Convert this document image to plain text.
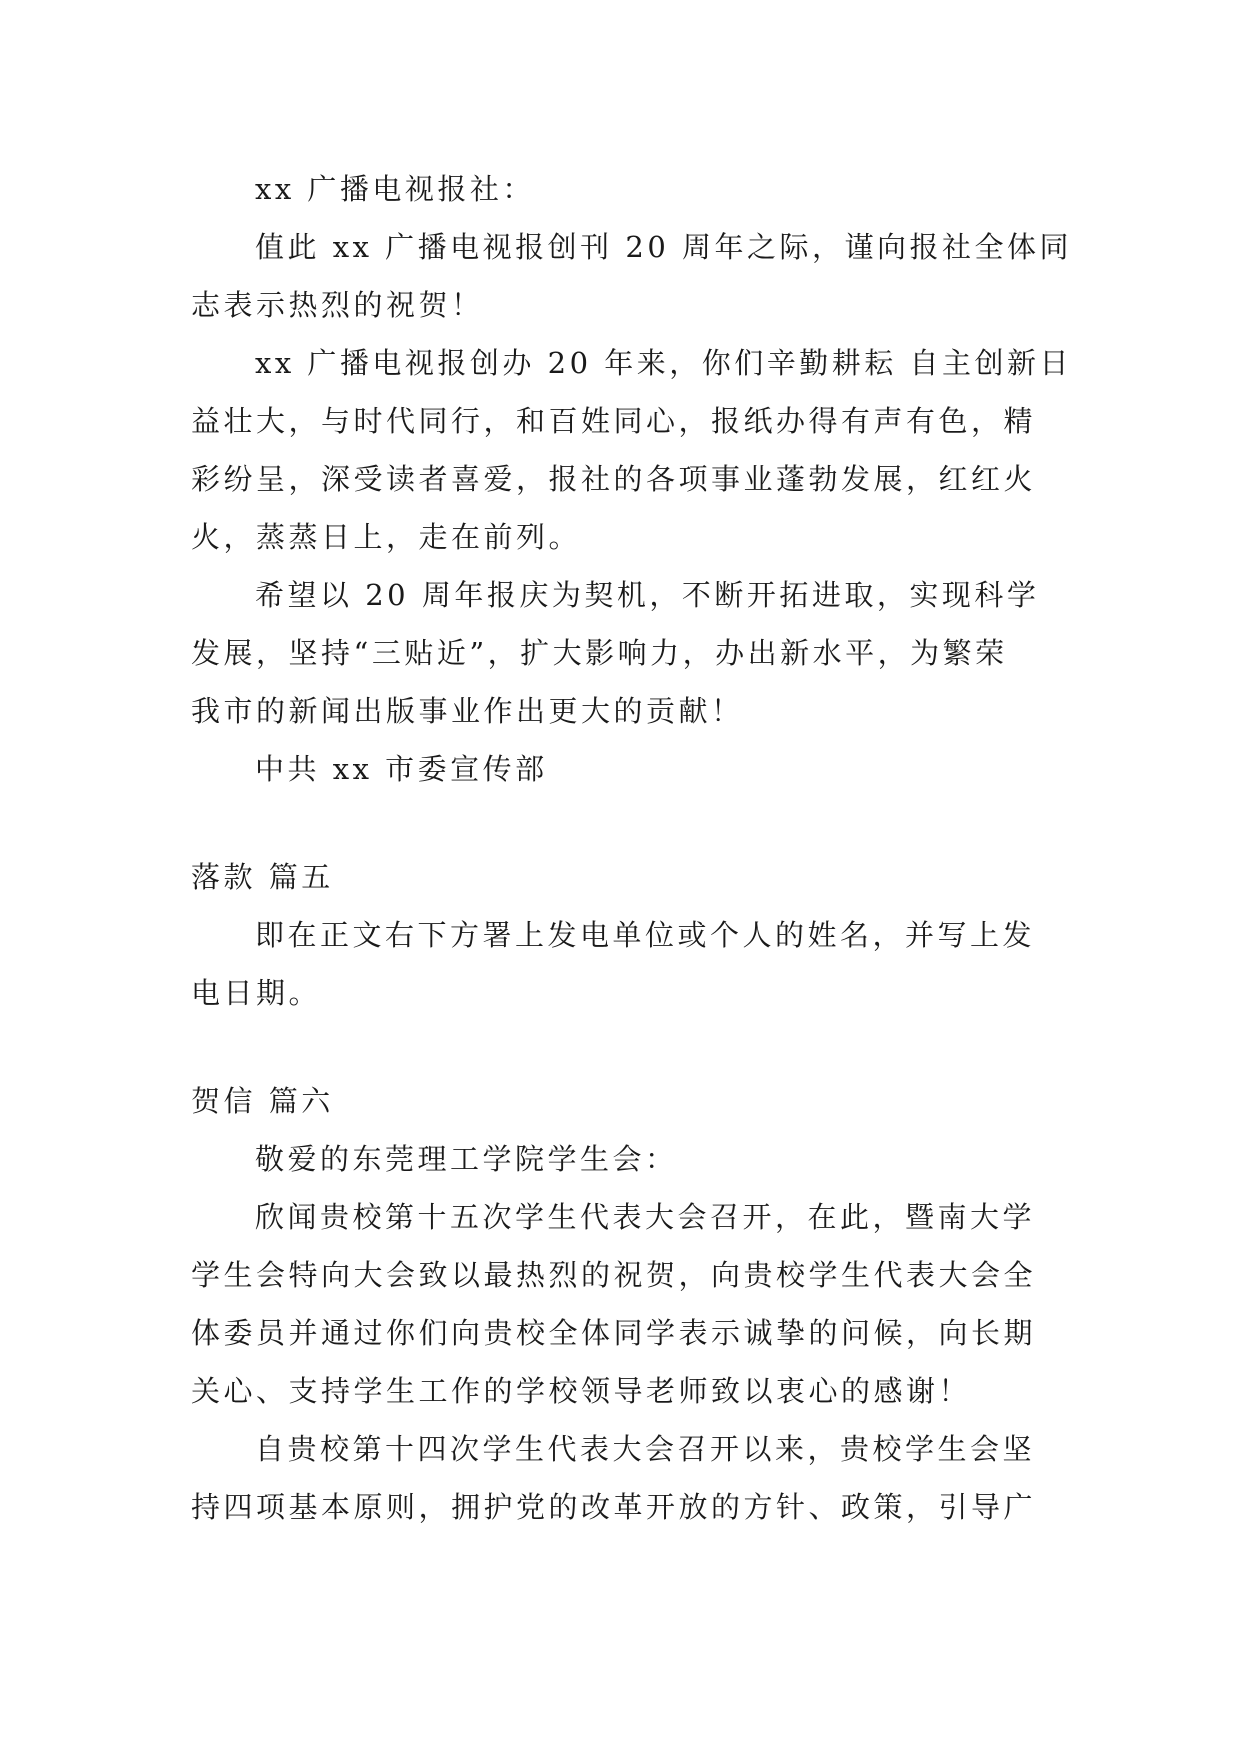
xx 广播电视报社：
值此 xx 广播电视报创刊 20 周年之际，谨向报社全体同
志表示热烈的祝贺！
xx 广播电视报创办 20 年来，你们辛勤耕耘 自主创新日
益壮大，与时代同行，和百姓同心，报纸办得有声有色，精
彩纷呈，深受读者喜爱，报社的各项事业蓬勃发展，红红火
火，蒸蒸日上，走在前列。
希望以 20 周年报庆为契机，不断开拓进取，实现科学
发展，坚持“三贴近”，扩大影响力，办出新水平，为繁荣
我市的新闻出版事业作出更大的贡献！
中共 xx 市委宣传部
落款 篇五
即在正文右下方署上发电单位或个人的姓名，并写上发
电日期。
贺信 篇六
敬爱的东莞理工学院学生会：
欣闻贵校第十五次学生代表大会召开，在此，暨南大学
学生会特向大会致以最热烈的祝贺，向贵校学生代表大会全
体委员并通过你们向贵校全体同学表示诚挚的问候，向长期
关心、支持学生工作的学校领导老师致以衷心的感谢！
自贵校第十四次学生代表大会召开以来，贵校学生会坚
持四项基本原则，拥护党的改革开放的方针、政策，引导广
